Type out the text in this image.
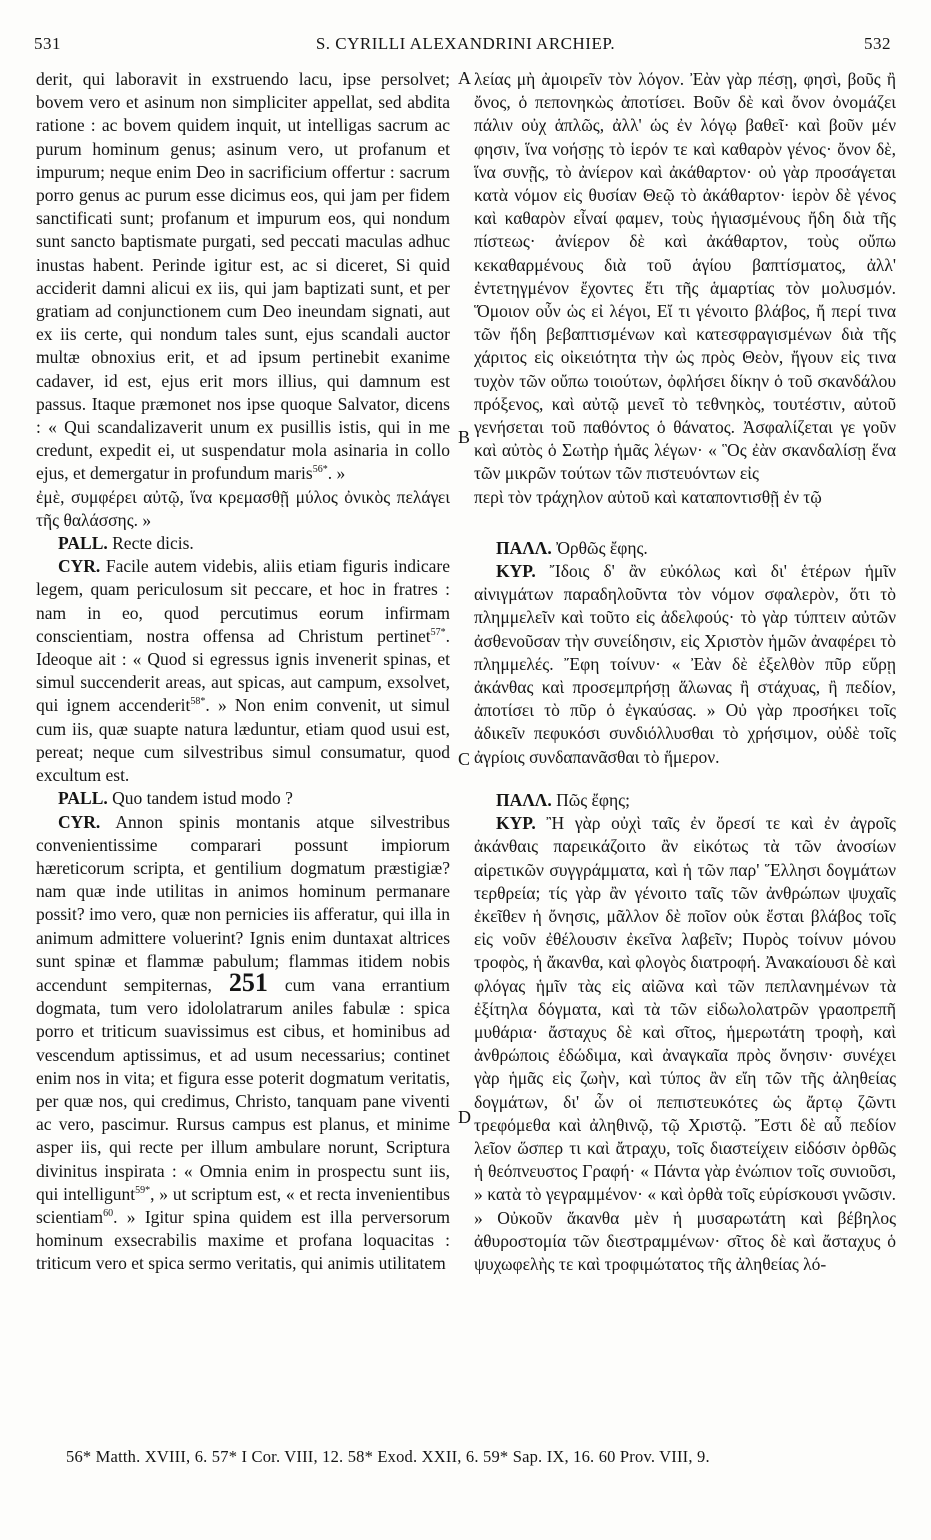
531	S. CYRILLI ALEXANDRINI ARCHIEP.	532
A
B
C
D

derit, qui laboravit in exstruendo lacu, ipse persolvet; bovem vero et asinum non simpliciter appellat, sed abdita ratione : ac bovem quidem inquit, ut intelligas sacrum ac purum hominum genus; asinum vero, ut profanum et impurum; neque enim Deo in sacrificium offertur : sacrum porro genus ac purum esse dicimus eos, qui jam per fidem sanctificati sunt; profanum et impurum eos, qui nondum sunt sancto baptismate purgati, sed peccati maculas adhuc inustas habent. Perinde igitur est, ac si diceret, Si quid acciderit damni alicui ex iis, qui jam baptizati sunt, et per gratiam ad conjunctionem cum Deo ineundam signati, aut ex iis certe, qui nondum tales sunt, ejus scandali auctor multæ obnoxius erit, et ad ipsum pertinebit exanime cadaver, id est, ejus erit mors illius, qui damnum est passus. Itaque præmonet nos ipse quoque Salvator, dicens : « Qui scandalizaverit unum ex pusillis istis, qui in me credunt, expedit ei, ut suspendatur mola asinaria in collo ejus, et demergatur in profundum maris$^{56*}$. »

ἐμὲ, συμφέρει αὐτῷ, ἵνα κρεμασθῇ μύλος ὀνικὸς πελάγει τῆς θαλάσσης. »

PALL. Recte dicis.

CYR. Facile autem videbis, aliis etiam figuris indicare legem, quam periculosum sit peccare, et hoc in fratres : nam in eo, quod percutimus eorum infirmam conscientiam, nostra offensa ad Christum pertinet$^{57*}$. Ideoque ait : « Quod si egressus ignis invenerit spinas, et simul succenderit areas, aut spicas, aut campum, exsolvet, qui ignem accenderit$^{58*}$. » Non enim convenit, ut simul cum iis, quæ suapte natura læduntur, etiam quod usui est, pereat; neque cum silvestribus simul consumatur, quod excultum est.

PALL. Quo tandem istud modo ?

CYR. Annon spinis montanis atque silvestribus convenientissime comparari possunt impiorum hæreticorum scripta, et gentilium dogmatum præstigiæ? nam quæ inde utilitas in animos hominum permanare possit? imo vero, quæ non pernicies iis afferatur, qui illa in animum admittere voluerint? Ignis enim duntaxat altrices sunt spinæ et flammæ pabulum; flammas itidem nobis accendunt sempiternas, 251 cum vana errantium dogmata, tum vero idololatrarum aniles fabulæ : spica porro et triticum suavissimus est cibus, et hominibus ad vescendum aptissimus, et ad usum necessarius; continet enim nos in vita; et figura esse poterit dogmatum veritatis, per quæ nos, qui credimus, Christo, tanquam pane viventi ac vero, pascimur. Rursus campus est planus, et minime asper iis, qui recte per illum ambulare norunt, Scriptura divinitus inspirata : « Omnia enim in prospectu sunt iis, qui intelligunt$^{59*}$, » ut scriptum est, « et recta invenientibus scientiam$^{60}$. » Igitur spina quidem est illa perversorum hominum exsecrabilis maxime et profana loquacitas : triticum vero et spica sermo veritatis, qui animis utilitatem

λείας μὴ ἀμοιρεῖν τὸν λόγον. Ἐὰν γὰρ πέσῃ, φησὶ, βοῦς ἢ ὄνος, ὁ πεπονηκὼς ἀποτίσει. Βοῦν δὲ καὶ ὄνον ὀνομάζει πάλιν οὐχ ἁπλῶς, ἀλλ' ὡς ἐν λόγῳ βαθεῖ· καὶ βοῦν μέν φησιν, ἵνα νοήσῃς τὸ ἱερόν τε καὶ καθαρὸν γένος· ὄνον δὲ, ἵνα συνῇς, τὸ ἀνίερον καὶ ἀκάθαρτον· οὐ γὰρ προσάγεται κατὰ νόμον εἰς θυσίαν Θεῷ τὸ ἀκάθαρτον· ἱερὸν δὲ γένος καὶ καθαρὸν εἶναί φαμεν, τοὺς ἡγιασμένους ἤδη διὰ τῆς πίστεως· ἀνίερον δὲ καὶ ἀκάθαρτον, τοὺς οὔπω κεκαθαρμένους διὰ τοῦ ἁγίου βαπτίσματος, ἀλλ' ἐντετηγμένον ἔχοντες ἔτι τῆς ἁμαρτίας τὸν μολυσμόν. Ὅμοιον οὖν ὡς εἰ λέγοι, Εἴ τι γένοιτο βλάβος, ἤ περί τινα τῶν ἤδη βεβαπτισμένων καὶ κατεσφραγισμένων διὰ τῆς χάριτος εἰς οἰκειότητα τὴν ὡς πρὸς Θεὸν, ἤγουν εἰς τινα τυχὸν τῶν οὔπω τοιούτων, ὀφλήσει δίκην ὁ τοῦ σκανδάλου πρόξενος, καὶ αὐτῷ μενεῖ τὸ τεθνηκὸς, τουτέστιν, αὐτοῦ γενήσεται τοῦ παθόντος ὁ θάνατος. Ἀσφαλίζεται γε γοῦν καὶ αὐτὸς ὁ Σωτὴρ ἡμᾶς λέγων· « Ὃς ἐὰν σκανδαλίσῃ ἕνα τῶν μικρῶν τούτων τῶν πιστευόντων εἰς

περὶ τὸν τράχηλον αὐτοῦ καὶ καταποντισθῇ ἐν τῷ

ΠΑΛΛ. Ὀρθῶς ἔφης.

ΚΥΡ. Ἴδοις δ' ἂν εὐκόλως καὶ δι' ἑτέρων ἡμῖν αἰνιγμάτων παραδηλοῦντα τὸν νόμον σφαλερὸν, ὅτι τὸ πλημμελεῖν καὶ τοῦτο εἰς ἀδελφούς· τὸ γὰρ τύπτειν αὐτῶν ἀσθενοῦσαν τὴν συνείδησιν, εἰς Χριστὸν ἡμῶν ἀναφέρει τὸ πλημμελές. Ἔφη τοίνυν· « Ἐὰν δὲ ἐξελθὸν πῦρ εὕρῃ ἀκάνθας καὶ προσεμπρήσῃ ἅλωνας ἢ στάχυας, ἢ πεδίον, ἀποτίσει τὸ πῦρ ὁ ἐγκαύσας. » Οὐ γὰρ προσήκει τοῖς ἀδικεῖν πεφυκόσι συνδιόλλυσθαι τὸ χρήσιμον, οὐδὲ τοῖς ἀγρίοις συνδαπανᾶσθαι τὸ ἥμερον.

ΠΑΛΛ. Πῶς ἔφης;

ΚΥΡ. Ἢ γὰρ οὐχὶ ταῖς ἐν ὄρεσί τε καὶ ἐν ἀγροῖς ἀκάνθαις παρεικάζοιτο ἂν εἰκότως τὰ τῶν ἀνοσίων αἱρετικῶν συγγράμματα, καὶ ἡ τῶν παρ' Ἕλλησι δογμάτων τερθρεία; τίς γὰρ ἂν γένοιτο ταῖς τῶν ἀνθρώπων ψυχαῖς ἐκεῖθεν ἡ ὄνησις, μᾶλλον δὲ ποῖον οὐκ ἔσται βλάβος τοῖς εἰς νοῦν ἐθέλουσιν ἐκεῖνα λαβεῖν; Πυρὸς τοίνυν μόνου τροφὸς, ἡ ἄκανθα, καὶ φλογὸς διατροφή. Ἀνακαίουσι δὲ καὶ φλόγας ἡμῖν τὰς εἰς αἰῶνα καὶ τῶν πεπλανημένων τὰ ἐξίτηλα δόγματα, καὶ τὰ τῶν εἰδωλολατρῶν γραοπρεπῆ μυθάρια· ἄσταχυς δὲ καὶ σῖτος, ἡμερωτάτη τροφὴ, καὶ ἀνθρώποις ἐδώδιμα, καὶ ἀναγκαῖα πρὸς ὄνησιν· συνέχει γὰρ ἡμᾶς εἰς ζωὴν, καὶ τύπος ἂν εἴη τῶν τῆς ἀληθείας δογμάτων, δι' ὧν οἱ πεπιστευκότες ὡς ἄρτῳ ζῶντι τρεφόμεθα καὶ ἀληθινῷ, τῷ Χριστῷ. Ἔστι δὲ αὖ πεδίον λεῖον ὥσπερ τι καὶ ἄτραχυ, τοῖς διαστείχειν εἰδόσιν ὀρθῶς ἡ θεόπνευστος Γραφή· « Πάντα γὰρ ἐνώπιον τοῖς συνιοῦσι, » κατὰ τὸ γεγραμμένον· « καὶ ὀρθὰ τοῖς εὑρίσκουσι γνῶσιν. » Οὐκοῦν ἄκανθα μὲν ἡ μυσαρωτάτη καὶ βέβηλος ἀθυροστομία τῶν διεστραμμένων· σῖτος δὲ καὶ ἄσταχυς ὁ ψυχωφελὴς τε καὶ τροφιμώτατος τῆς ἀληθείας λό-

56* Matth. XVIII, 6. 57* I Cor. VIII, 12. 58* Exod. XXII, 6. 59* Sap. IX, 16. 60 Prov. VIII, 9.
